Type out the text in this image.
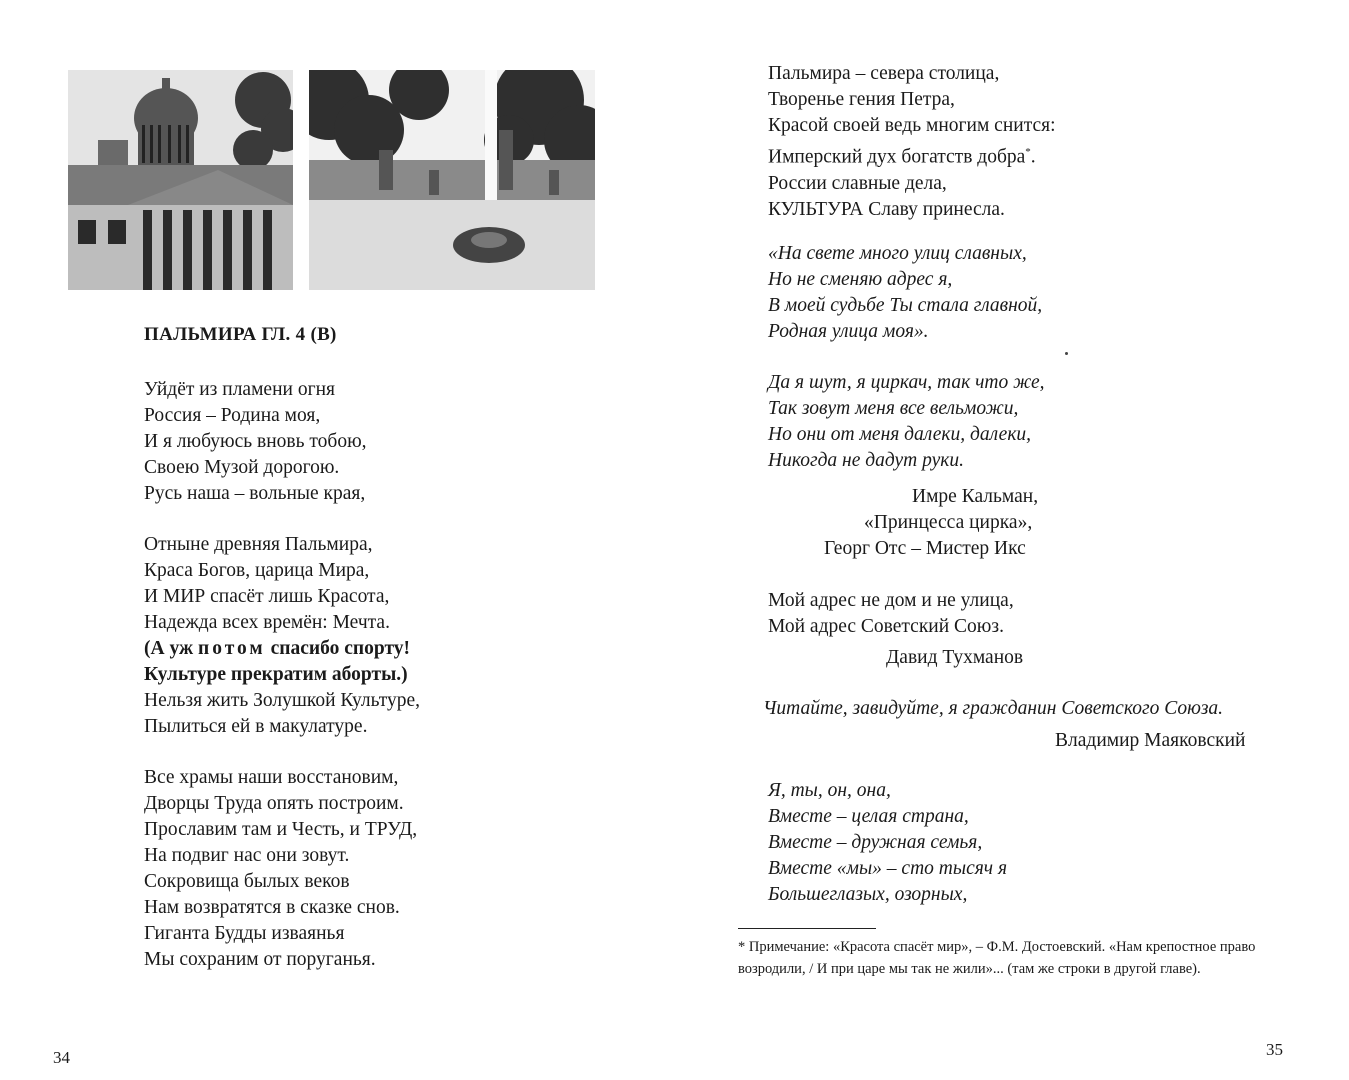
ПАЛЬМИРА ГЛ. 4 (В)
Уйдёт из пламени огня
Россия – Родина моя,
И я любуюсь вновь тобою,
Своею Музой дорогою.
Русь наша – вольные края,
Отныне древняя Пальмира,
Краса Богов, царица Мира,
И МИР спасёт лишь Красота,
Надежда всех времён: Мечта.
(А уж потом спасибо спорту!
Культуре прекратим аборты.)
Нельзя жить Золушкой Культуре,
Пылиться ей в макулатуре.
Все храмы наши восстановим,
Дворцы Труда опять построим.
Прославим там и Честь, и ТРУД,
На подвиг нас они зовут.
Сокровища былых веков
Нам возвратятся в сказке снов.
Гиганта Будды изваянья
Мы сохраним от поруганья.
34
Пальмира – севера столица,
Творенье гения Петра,
Красой своей ведь многим снится:
Имперский дух богатств добра*.
России славные дела,
КУЛЬТУРА Славу принесла.
«На свете много улиц славных,
Но не сменяю адрес я,
В моей судьбе Ты стала главной,
Родная улица моя».
Да я шут, я циркач, так что же,
Так зовут меня все вельможи,
Но они от меня далеки, далеки,
Никогда не дадут руки.
Имре Кальман,
«Принцесса цирка»,
Георг Отс – Мистер Икс
Мой адрес не дом и не улица,
Мой адрес Советский Союз.
Давид Тухманов
Читайте, завидуйте, я гражданин Советского Союза.
Владимир Маяковский
Я, ты, он, она,
Вместе – целая страна,
Вместе – дружная семья,
Вместе «мы» – сто тысяч я
Большеглазых, озорных,

* Примечание: «Красота спасёт мир», – Ф.М. Достоевский. «Нам крепостное право возродили, / И при царе мы так не жили»... (там же строки в другой главе).

35
